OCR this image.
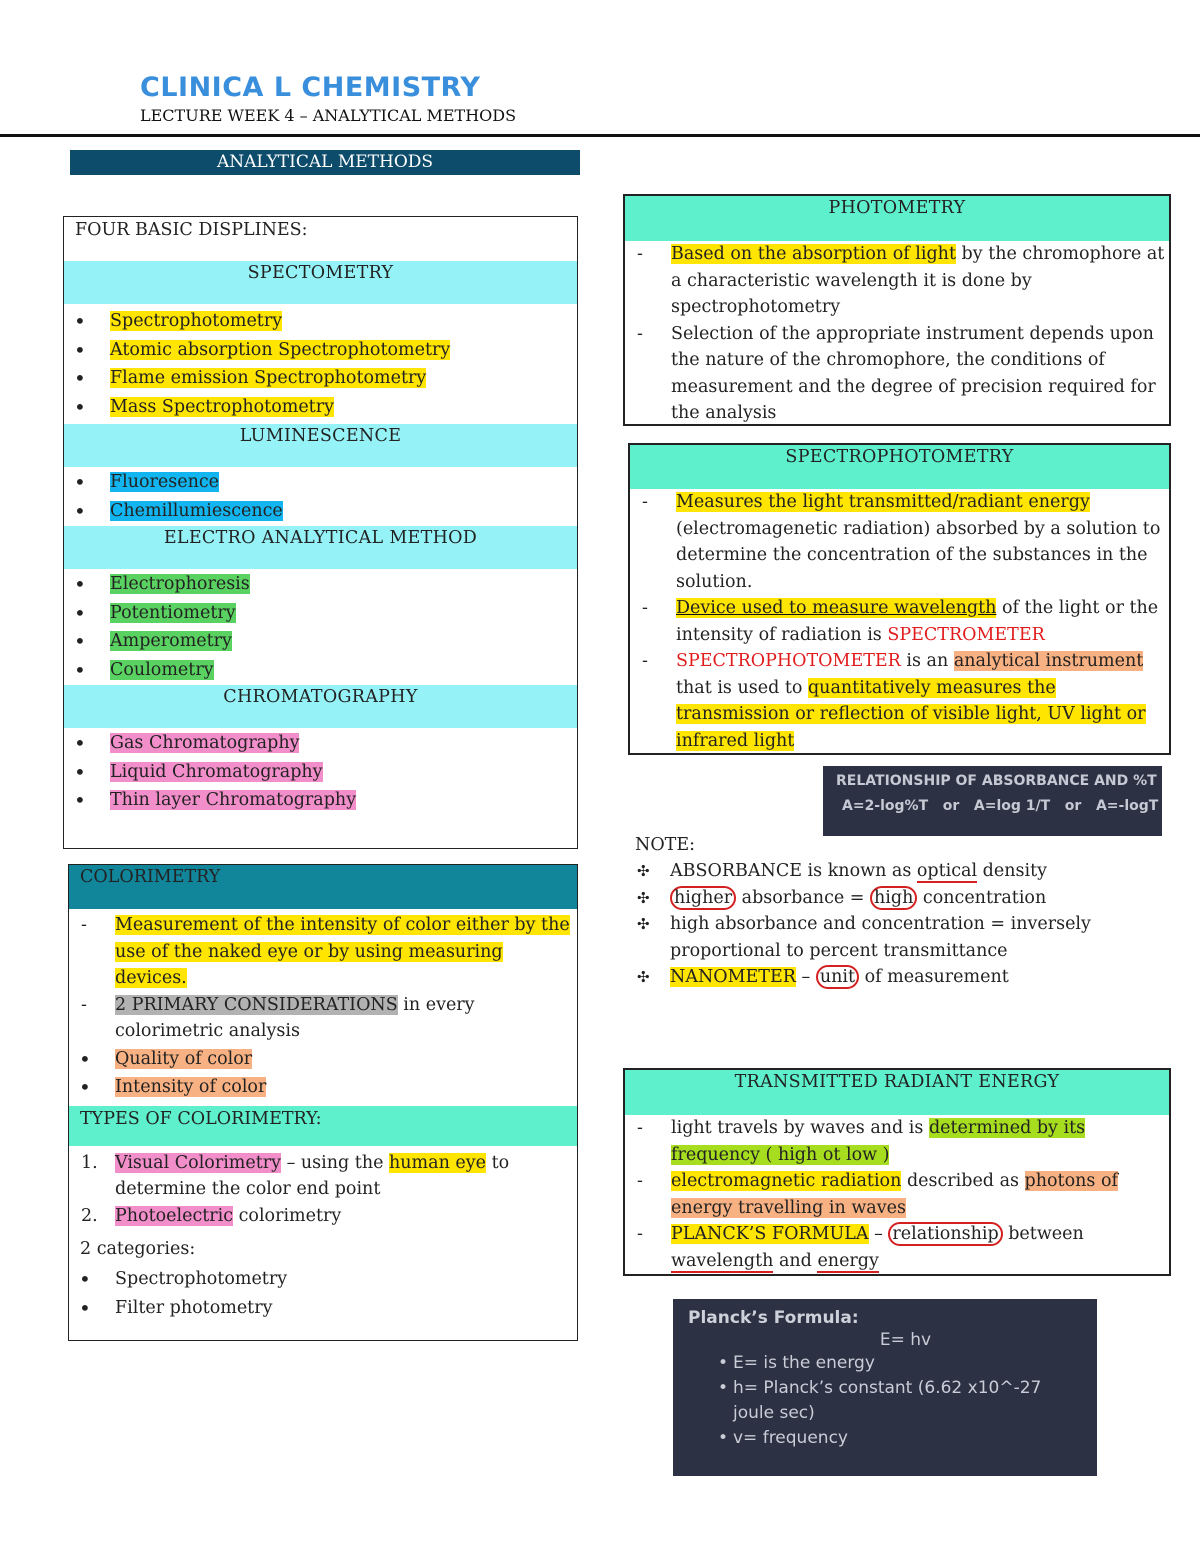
CLINICA L CHEMISTRY
LECTURE WEEK 4 – ANALYTICAL METHODS
ANALYTICAL METHODS
FOUR BASIC DISPLINES:
SPECTOMETRY
• Spectrophotometry
• Atomic absorption Spectrophotometry
• Flame emission Spectrophotometry
• Mass Spectrophotometry
LUMINESCENCE
• Fluoresence
• Chemillumiescence
ELECTRO ANALYTICAL METHOD
• Electrophoresis
• Potentiometry
• Amperometry
• Coulometry
CHROMATOGRAPHY
• Gas Chromatography
• Liquid Chromatography
• Thin layer Chromatography
COLORIMETRY
- Measurement of the intensity of color either by the use of the naked eye or by using measuring devices.
- 2 PRIMARY CONSIDERATIONS in every colorimetric analysis
• Quality of color
• Intensity of color
TYPES OF COLORIMETRY:
1. Visual Colorimetry – using the human eye to determine the color end point
2. Photoelectric colorimetry
2 categories:
• Spectrophotometry
• Filter photometry
PHOTOMETRY
- Based on the absorption of light by the chromophore at a characteristic wavelength it is done by spectrophotometry
- Selection of the appropriate instrument depends upon the nature of the chromophore, the conditions of measurement and the degree of precision required for the analysis
SPECTROPHOTOMETRY
- Measures the light transmitted/radiant energy (electromagenetic radiation) absorbed by a solution to determine the concentration of the substances in the solution.
- Device used to measure wavelength of the light or the intensity of radiation is SPECTROMETER
- SPECTROPHOTOMETER is an analytical instrument that is used to quantitatively measures the transmission or reflection of visible light, UV light or infrared light
RELATIONSHIP OF ABSORBANCE AND %T
A=2-log%T   or   A=log 1/T   or   A=-logT
NOTE:
✣ ABSORBANCE is known as optical density
✣ higher absorbance = high concentration
✣ high absorbance and concentration = inversely proportional to percent transmittance
✣ NANOMETER – unit of measurement
TRANSMITTED RADIANT ENERGY
- light travels by waves and is determined by its frequency ( high ot low )
- electromagnetic radiation described as photons of energy travelling in waves
- PLANCK’S FORMULA – relationship between wavelength and energy
Planck’s Formula:
E= hv
• E= is the energy
• h= Planck’s constant (6.62 x10^-27 joule sec)
• v= frequency
